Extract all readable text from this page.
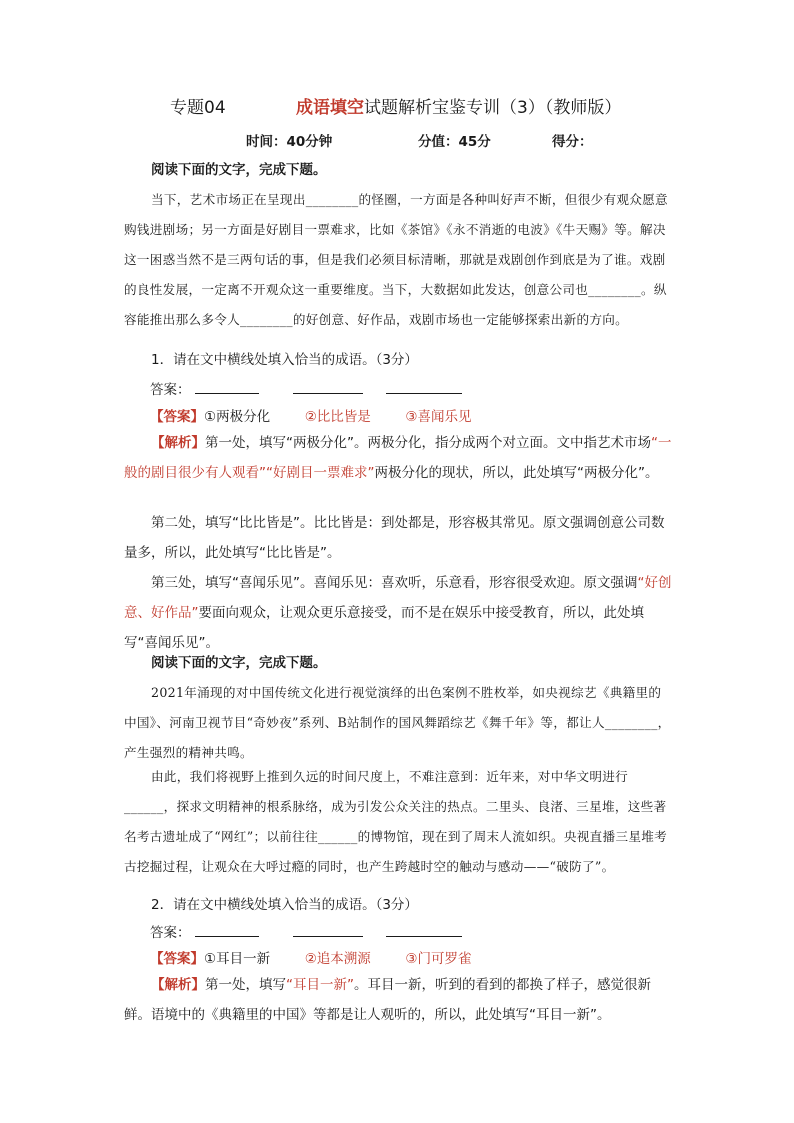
专题04	成语填空试题解析宝鉴专训（3）（教师版）
时间：40分钟	分值：45分	得分：
阅读下面的文字，完成下题。
当下，艺术市场正在呈现出________的怪圈，一方面是各种叫好声不断，但很少有观众愿意购钱进剧场；另一方面是好剧目一票难求，比如《茶馆》《永不消逝的电波》《牛天赐》等。解决这一困惑当然不是三两句话的事，但是我们必须目标清晰，那就是戏剧创作到底是为了谁。戏剧的良性发展，一定离不开观众这一重要维度。当下，大数据如此发达，创意公司也________。纵容能推出那么多令人________的好创意、好作品，戏剧市场也一定能够探索出新的方向。
1．请在文中横线处填入恰当的成语。（3分）
答案：
【答案】①两极分化	②比比皆是	③喜闻乐见
【解析】第一处，填写“两极分化”。两极分化，指分成两个对立面。文中指艺术市场“一般的剧目很少有人观看”“好剧目一票难求”两极分化的现状，所以，此处填写“两极分化”。
第二处，填写“比比皆是”。比比皆是：到处都是，形容极其常见。原文强调创意公司数量多，所以，此处填写“比比皆是”。
第三处，填写“喜闻乐见”。喜闻乐见：喜欢听，乐意看，形容很受欢迎。原文强调“好创意、好作品”要面向观众，让观众更乐意接受，而不是在娱乐中接受教育，所以，此处填写“喜闻乐见”。
阅读下面的文字，完成下题。
2021年涌现的对中国传统文化进行视觉演绎的出色案例不胜枚举，如央视综艺《典籍里的中国》、河南卫视节目“奇妙夜”系列、B站制作的国风舞蹈综艺《舞千年》等，都让人________，产生强烈的精神共鸣。
由此，我们将视野上推到久远的时间尺度上，不难注意到：近年来，对中华文明进行______，探求文明精神的根系脉络，成为引发公众关注的热点。二里头、良渚、三星堆，这些著名考古遗址成了“网红”；以前往往______的博物馆，现在到了周末人流如织。央视直播三星堆考古挖掘过程，让观众在大呼过瘾的同时，也产生跨越时空的触动与感动——“破防了”。
2．请在文中横线处填入恰当的成语。（3分）
答案：
【答案】①耳目一新	②追本溯源	③门可罗雀
【解析】第一处，填写“耳目一新”。耳目一新，听到的看到的都换了样子，感觉很新鲜。语境中的《典籍里的中国》等都是让人观听的，所以，此处填写“耳目一新”。
